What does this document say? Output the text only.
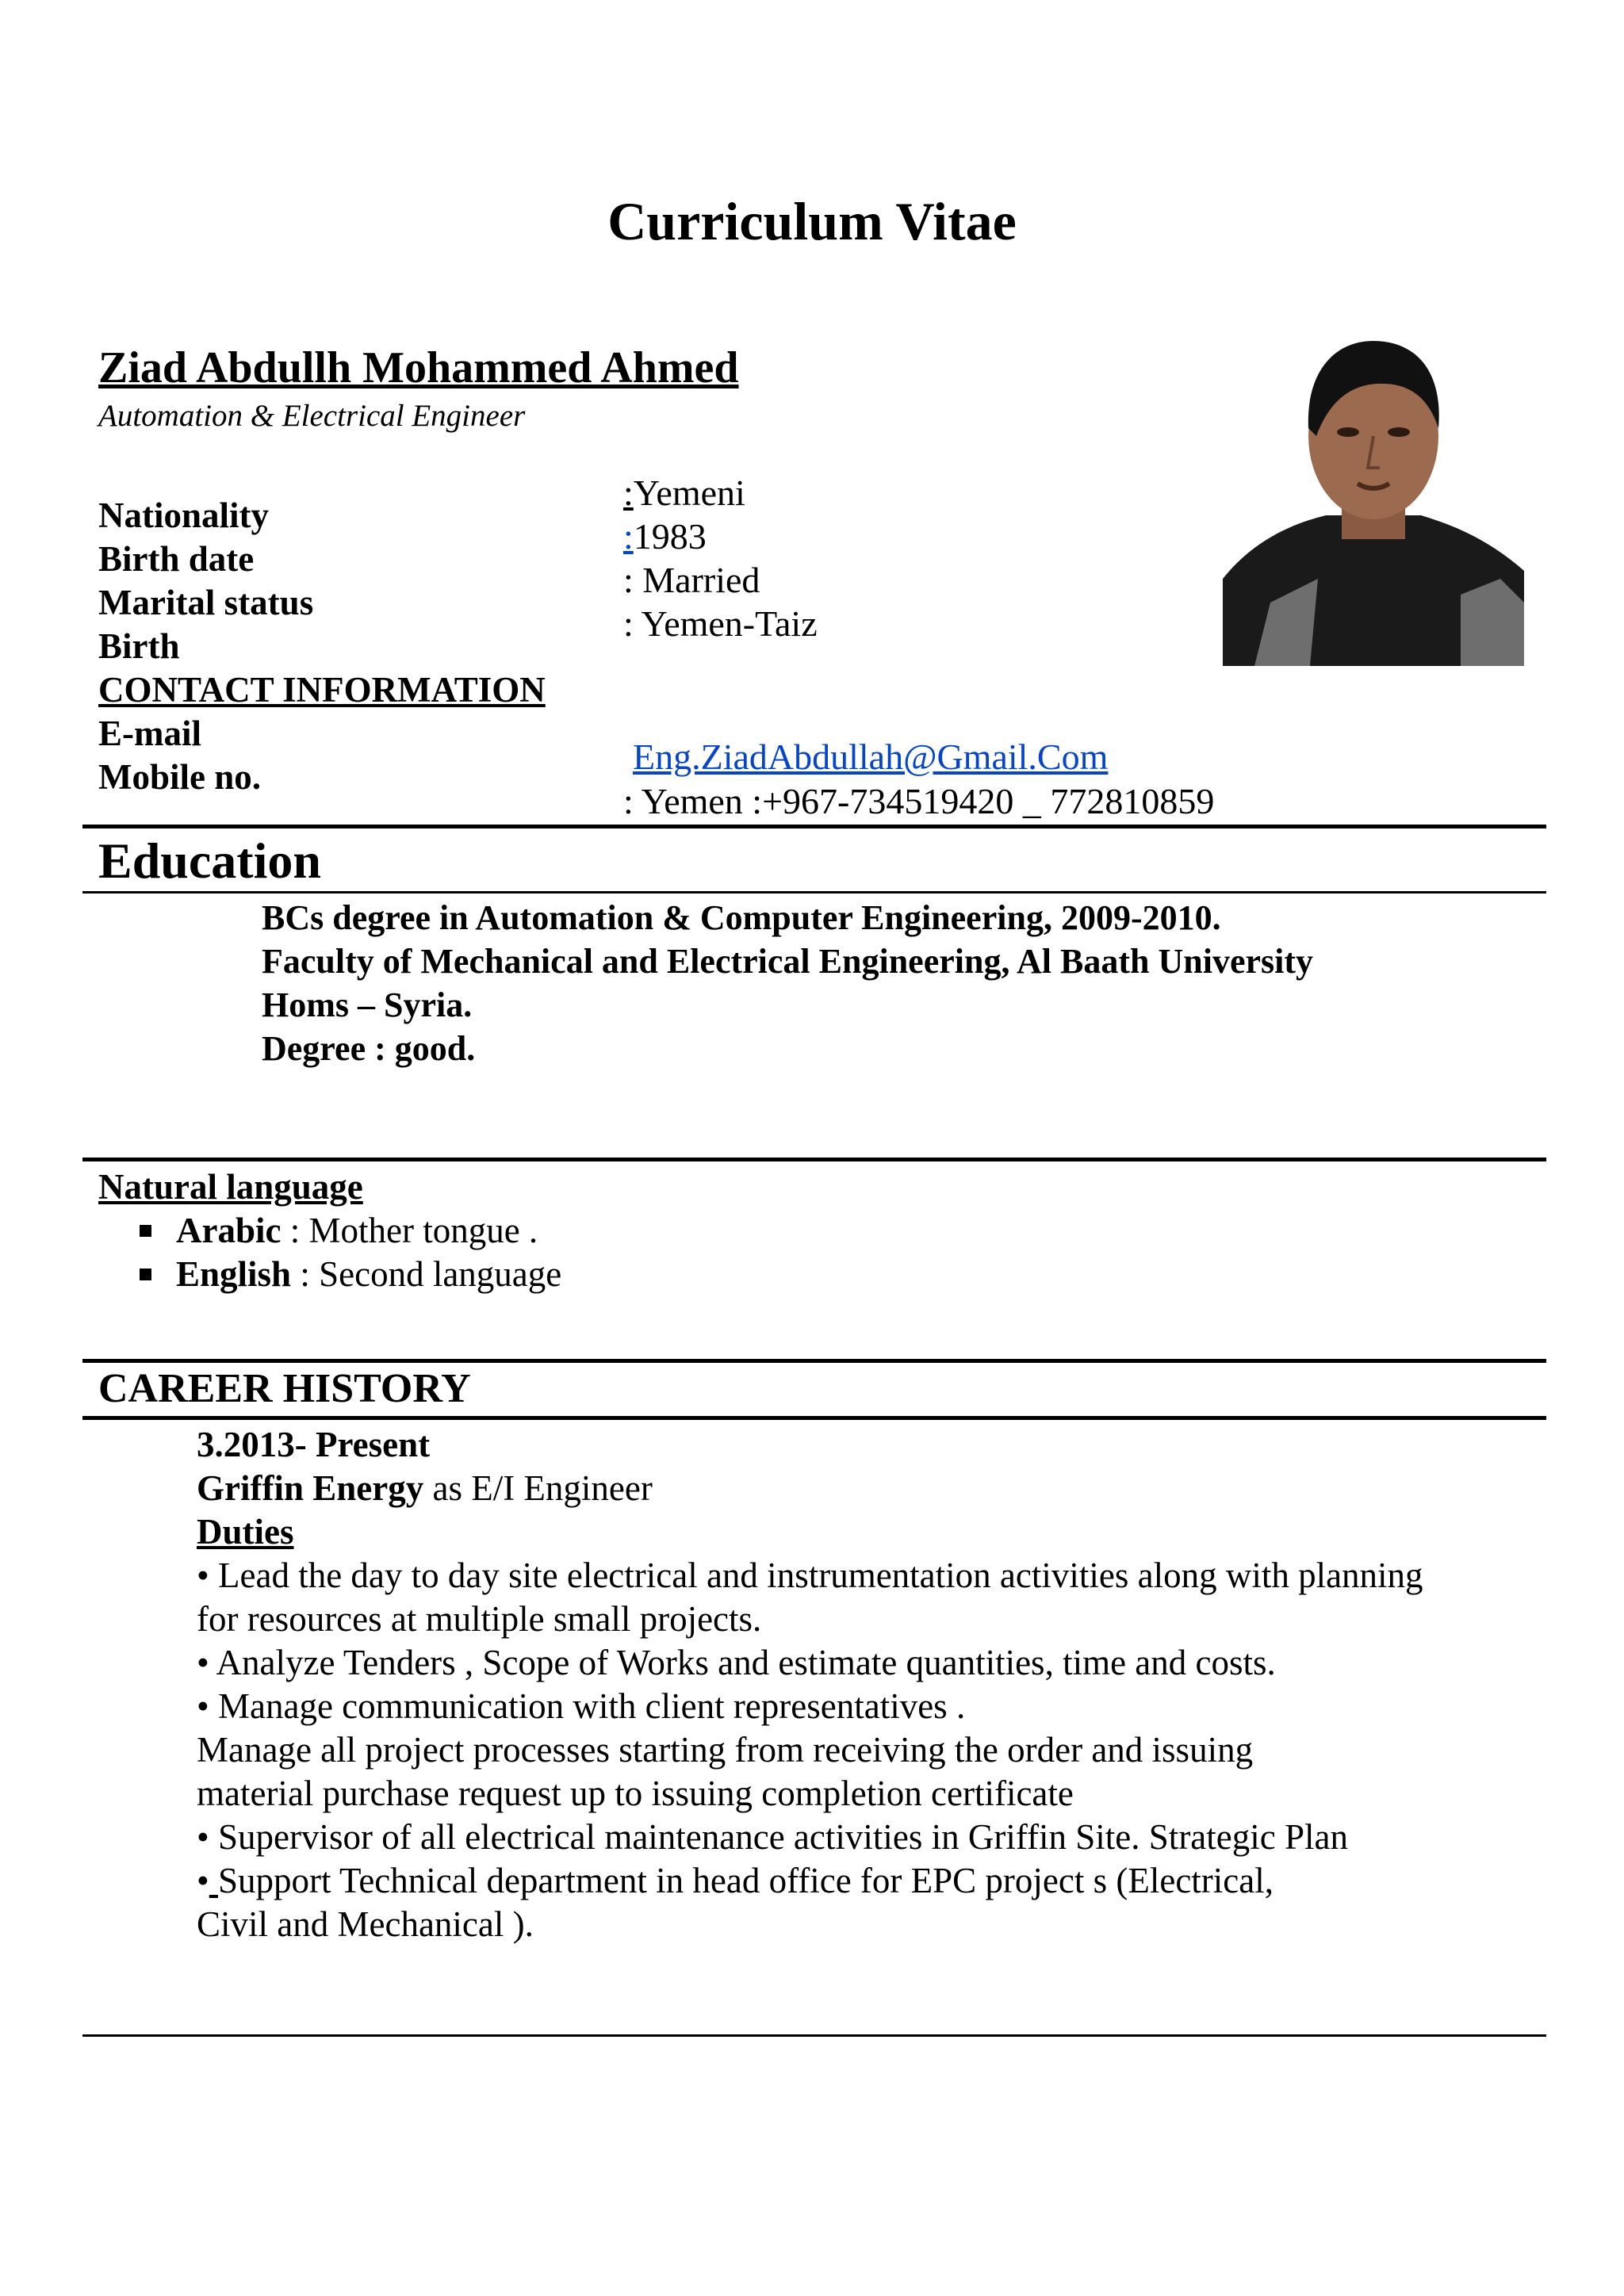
Curriculum Vitae
Ziad Abdullh Mohammed Ahmed
Automation & Electrical Engineer
Nationality
Birth date
Marital status
Birth
CONTACT INFORMATION
E-mail
Mobile no.
:Yemeni
:1983
: Married
: Yemen-Taiz
Eng.ZiadAbdullah@Gmail.Com
: Yemen :+967-734519420 _ 772810859
Education
BCs degree in Automation & Computer Engineering, 2009-2010.
Faculty of Mechanical and Electrical Engineering, Al Baath University
Homs – Syria.
Degree : good.
Natural language
Arabic : Mother tongue .
English : Second language
CAREER HISTORY
3.2013- Present
Griffin Energy as E/I Engineer
Duties
• Lead the day to day site electrical and instrumentation activities along with planning
for resources at multiple small projects.
• Analyze Tenders , Scope of Works and estimate quantities, time and costs.
• Manage communication with client representatives .
Manage all project processes starting from receiving the order and issuing
material purchase request up to issuing completion certificate
• Supervisor of all electrical maintenance activities in Griffin Site. Strategic Plan
• Support Technical department in head office for EPC project s (Electrical,
Civil and Mechanical ).
